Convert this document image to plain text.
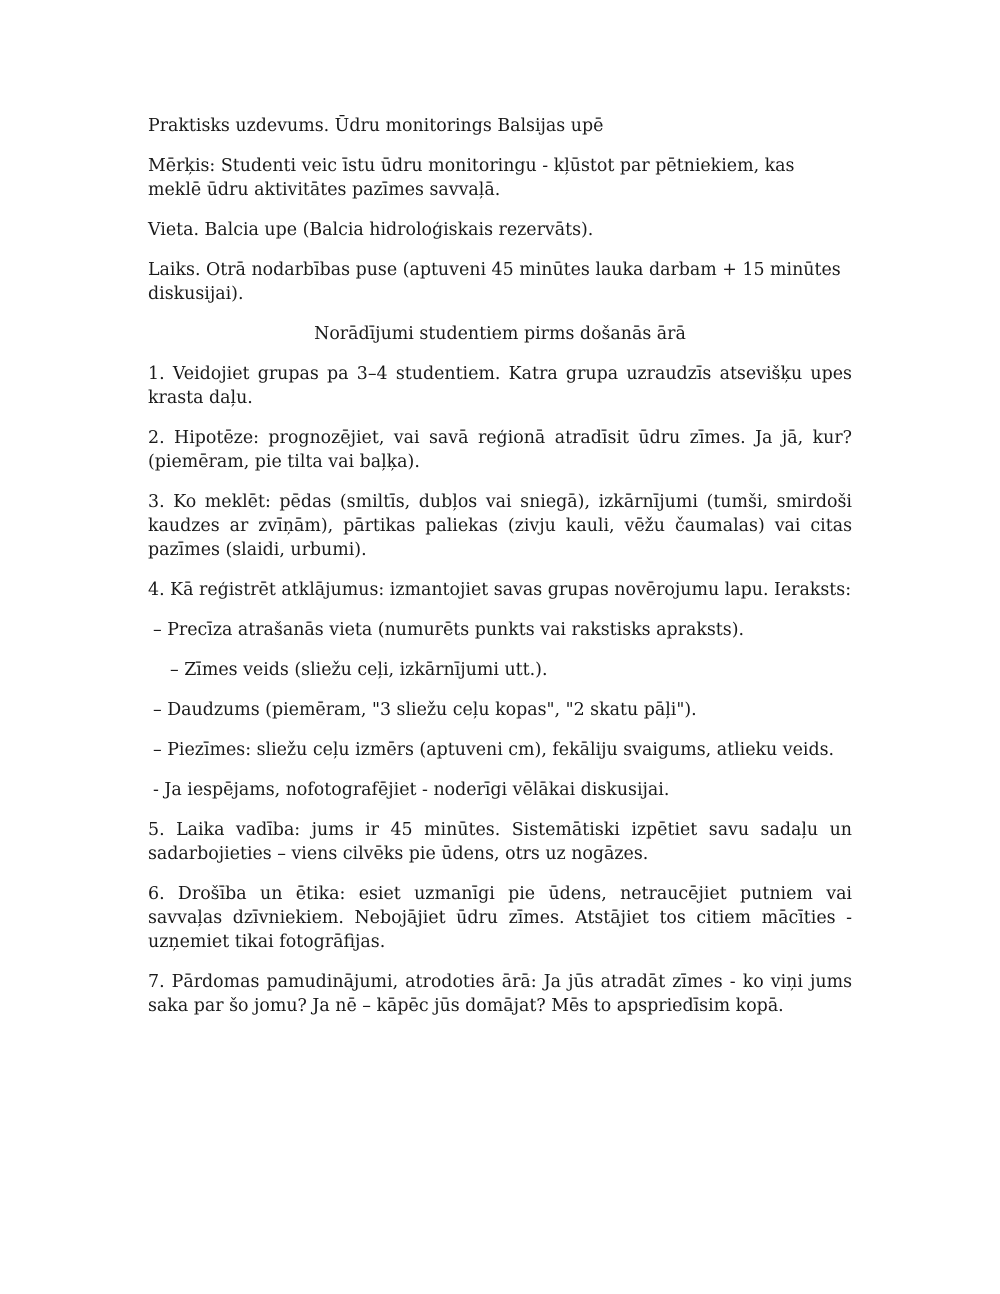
Praktisks uzdevums. Ūdru monitorings Balsijas upē

Mērķis: Studenti veic īstu ūdru monitoringu - kļūstot par pētniekiem, kas meklē ūdru aktivitātes pazīmes savvaļā.

Vieta. Balcia upe (Balcia hidroloģiskais rezervāts).

Laiks. Otrā nodarbības puse (aptuveni 45 minūtes lauka darbam + 15 minūtes diskusijai).

Norādījumi studentiem pirms došanās ārā

1. Veidojiet grupas pa 3–4 studentiem. Katra grupa uzraudzīs atsevišķu upes krasta daļu.

2. Hipotēze: prognozējiet, vai savā reģionā atradīsit ūdru zīmes. Ja jā, kur? (piemēram, pie tilta vai baļķa).

3. Ko meklēt: pēdas (smiltīs, dubļos vai sniegā), izkārnījumi (tumši, smirdoši kaudzes ar zvīņām), pārtikas paliekas (zivju kauli, vēžu čaumalas) vai citas pazīmes (slaidi, urbumi).

4. Kā reģistrēt atklājumus: izmantojiet savas grupas novērojumu lapu. Ieraksts:

– Precīza atrašanās vieta (numurēts punkts vai rakstisks apraksts).

– Zīmes veids (sliežu ceļi, izkārnījumi utt.).

– Daudzums (piemēram, "3 sliežu ceļu kopas", "2 skatu pāļi").

– Piezīmes: sliežu ceļu izmērs (aptuveni cm), fekāliju svaigums, atlieku veids.

- Ja iespējams, nofotografējiet - noderīgi vēlākai diskusijai.

5. Laika vadība: jums ir 45 minūtes. Sistemātiski izpētiet savu sadaļu un sadarbojieties – viens cilvēks pie ūdens, otrs uz nogāzes.

6. Drošība un ētika: esiet uzmanīgi pie ūdens, netraucējiet putniem vai savvaļas dzīvniekiem. Nebojājiet ūdru zīmes. Atstājiet tos citiem mācīties - uzņemiet tikai fotogrāfijas.

7. Pārdomas pamudinājumi, atrodoties ārā: Ja jūs atradāt zīmes - ko viņi jums saka par šo jomu? Ja nē – kāpēc jūs domājat? Mēs to apspriedīsim kopā.
